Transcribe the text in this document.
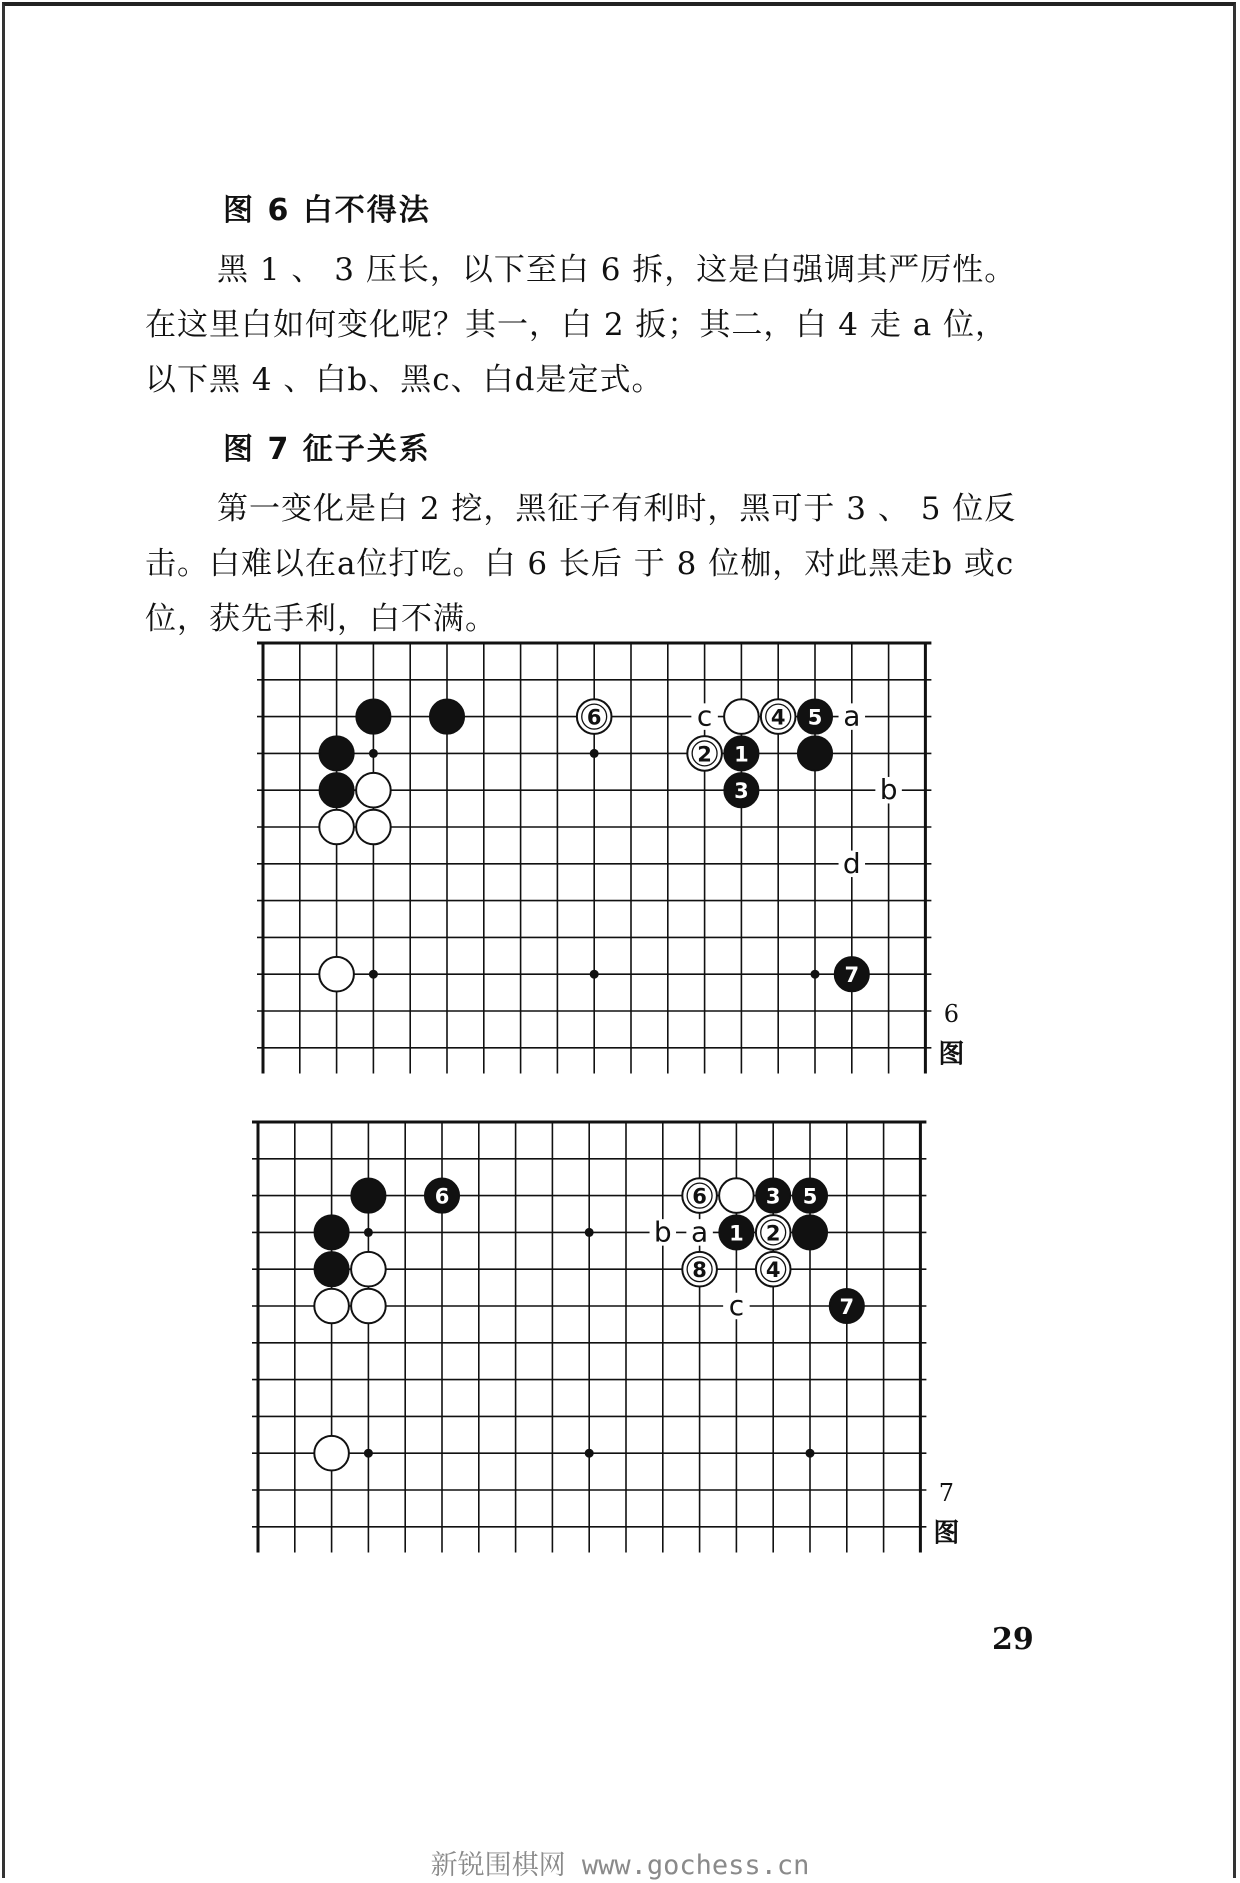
图 6 白不得法
黑 1 、 3 压长，以下至白 6 拆，这是白强调其严厉性。
在这里白如何变化呢？其一，白 2 扳；其二，白 4 走 a 位，
以下黑 4 、白b、黑c、白d是定式。
图 7 征子关系
第一变化是白 2 挖，黑征子有利时，黑可于 3 、 5 位反
击。白难以在a位打吃。白 6 长后 于 8 位枷，对此黑走b 或c
位，获先手利，白不满。
c	a
b
d
6	4 5
2 1
3
7
6
图
b a
c
6	6	3 5
1 2
8	4
7
7
图
29
新锐围棋网 www.gochess.cn
